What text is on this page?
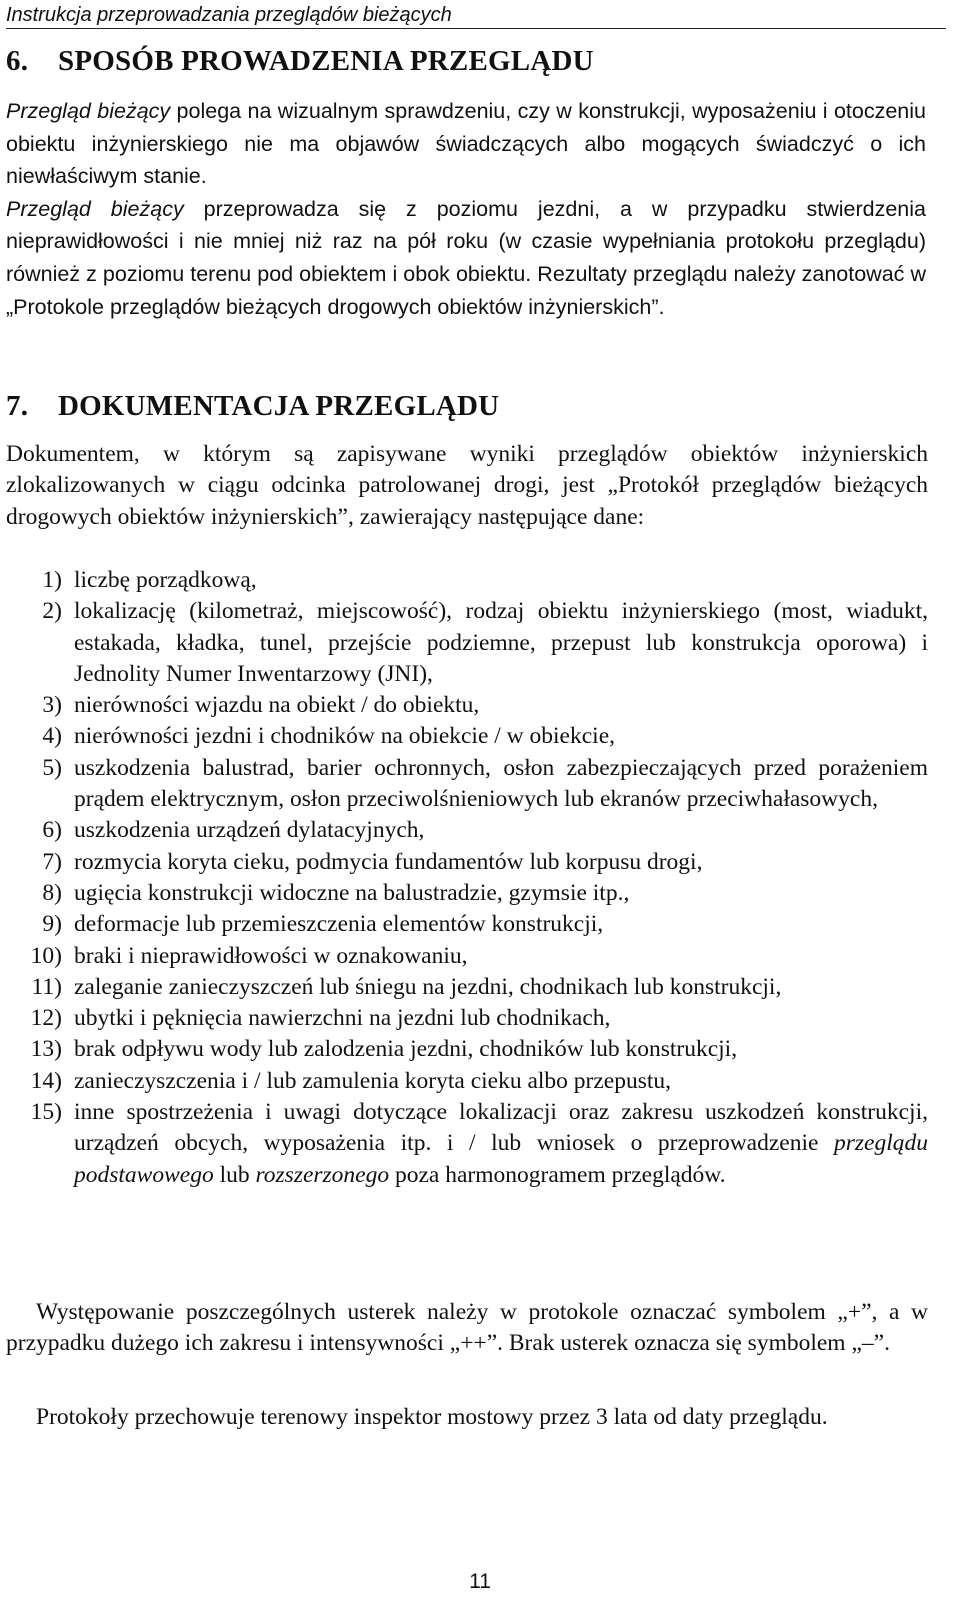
Instrukcja przeprowadzania przeglądów bieżących
6. SPOSÓB PROWADZENIA PRZEGLĄDU

Przegląd bieżący polega na wizualnym sprawdzeniu, czy w konstrukcji, wyposażeniu i otoczeniu obiektu inżynierskiego nie ma objawów świadczących albo mogących świadczyć o ich niewłaściwym stanie.

Przegląd bieżący przeprowadza się z poziomu jezdni, a w przypadku stwierdzenia nieprawidłowości i nie mniej niż raz na pół roku (w czasie wypełniania protokołu przeglądu) również z poziomu terenu pod obiektem i obok obiektu. Rezultaty przeglądu należy zanotować w „Protokole przeglądów bieżących drogowych obiektów inżynierskich”.

7. DOKUMENTACJA PRZEGLĄDU

Dokumentem, w którym są zapisywane wyniki przeglądów obiektów inżynierskich zlokalizowanych w ciągu odcinka patrolowanej drogi, jest „Protokół przeglądów bieżących drogowych obiektów inżynierskich”, zawierający następujące dane:

1) liczbę porządkową,
2) lokalizację (kilometraż, miejscowość), rodzaj obiektu inżynierskiego (most, wiadukt, estakada, kładka, tunel, przejście podziemne, przepust lub konstrukcja oporowa) i Jednolity Numer Inwentarzowy (JNI),
3) nierówności wjazdu na obiekt / do obiektu,
4) nierówności jezdni i chodników na obiekcie / w obiekcie,
5) uszkodzenia balustrad, barier ochronnych, osłon zabezpieczających przed porażeniem prądem elektrycznym, osłon przeciwolśnieniowych lub ekranów przeciwhałasowych,
6) uszkodzenia urządzeń dylatacyjnych,
7) rozmycia koryta cieku, podmycia fundamentów lub korpusu drogi,
8) ugięcia konstrukcji widoczne na balustradzie, gzymsie itp.,
9) deformacje lub przemieszczenia elementów konstrukcji,
10) braki i nieprawidłowości w oznakowaniu,
11) zaleganie zanieczyszczeń lub śniegu na jezdni, chodnikach lub konstrukcji,
12) ubytki i pęknięcia nawierzchni na jezdni lub chodnikach,
13) brak odpływu wody lub zalodzenia jezdni, chodników lub konstrukcji,
14) zanieczyszczenia i / lub zamulenia koryta cieku albo przepustu,
15) inne spostrzeżenia i uwagi dotyczące lokalizacji oraz zakresu uszkodzeń konstrukcji, urządzeń obcych, wyposażenia itp. i / lub wniosek o przeprowadzenie przeglądu podstawowego lub rozszerzonego poza harmonogramem przeglądów.

Występowanie poszczególnych usterek należy w protokole oznaczać symbolem „+”, a w przypadku dużego ich zakresu i intensywności „++”. Brak usterek oznacza się symbolem „–”.

Protokoły przechowuje terenowy inspektor mostowy przez 3 lata od daty przeglądu.

11
